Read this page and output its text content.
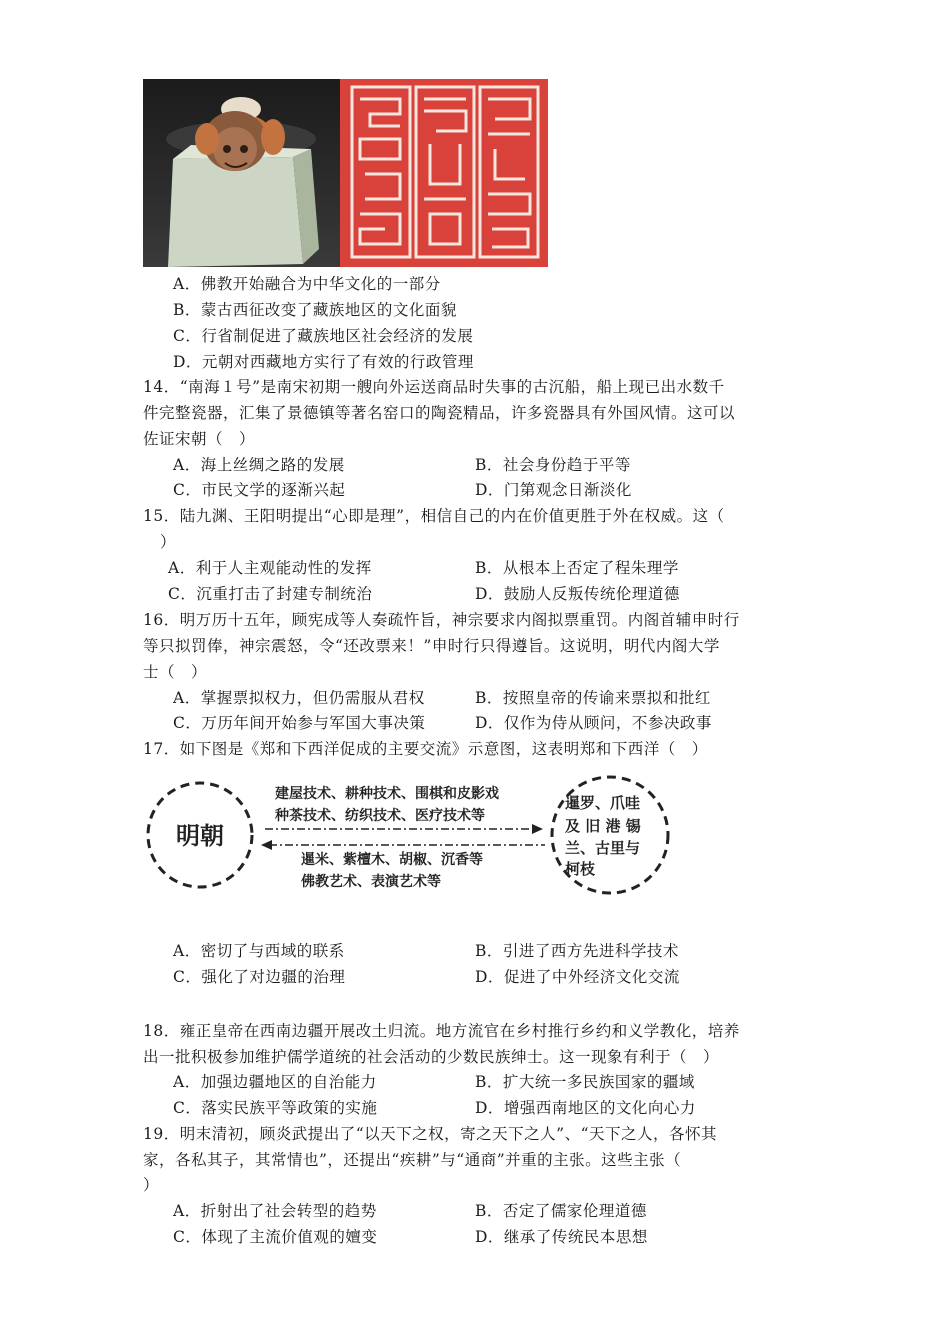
A．佛教开始融合为中华文化的一部分
B．蒙古西征改变了藏族地区的文化面貌
C．行省制促进了藏族地区社会经济的发展
D．元朝对西藏地方实行了有效的行政管理
14．“南海１号”是南宋初期一艘向外运送商品时失事的古沉船，船上现已出水数千
件完整瓷器，汇集了景德镇等著名窑口的陶瓷精品，许多瓷器具有外国风情。这可以
佐证宋朝（　）
A．海上丝绸之路的发展	B．社会身份趋于平等
C．市民文学的逐渐兴起	D．门第观念日渐淡化
15．陆九渊、王阳明提出“心即是理”，相信自己的内在价值更胜于外在权威。这（
）
A．利于人主观能动性的发挥	B．从根本上否定了程朱理学
C．沉重打击了封建专制统治	D．鼓励人反叛传统伦理道德
16．明万历十五年，顾宪成等人奏疏忤旨，神宗要求内阁拟票重罚。内阁首辅申时行
等只拟罚俸，神宗震怒，令“还改票来！”申时行只得遵旨。这说明，明代内阁大学
士（　）
A．掌握票拟权力，但仍需服从君权	B．按照皇帝的传谕来票拟和批红
C．万历年间开始参与军国大事决策	D．仅作为侍从顾问，不参决政事
17．如下图是《郑和下西洋促成的主要交流》示意图，这表明郑和下西洋（　）
明朝
暹罗、爪哇
及 旧 港 锡
兰、古里与
柯枝
建屋技术、耕种技术、围棋和皮影戏
种茶技术、纺织技术、医疗技术等
暹米、紫檀木、胡椒、沉香等
佛教艺术、表演艺术等
A．密切了与西域的联系	B．引进了西方先进科学技术
C．强化了对边疆的治理	D．促进了中外经济文化交流
18．雍正皇帝在西南边疆开展改土归流。地方流官在乡村推行乡约和义学教化，培养
出一批积极参加维护儒学道统的社会活动的少数民族绅士。这一现象有利于（　）
A．加强边疆地区的自治能力	B．扩大统一多民族国家的疆域
C．落实民族平等政策的实施	D．增强西南地区的文化向心力
19．明末清初，顾炎武提出了“以天下之权，寄之天下之人”、“天下之人，各怀其
家，各私其子，其常情也”，还提出“疾耕”与“通商”并重的主张。这些主张（
）
A．折射出了社会转型的趋势	B．否定了儒家伦理道德
C．体现了主流价值观的嬗变	D．继承了传统民本思想
